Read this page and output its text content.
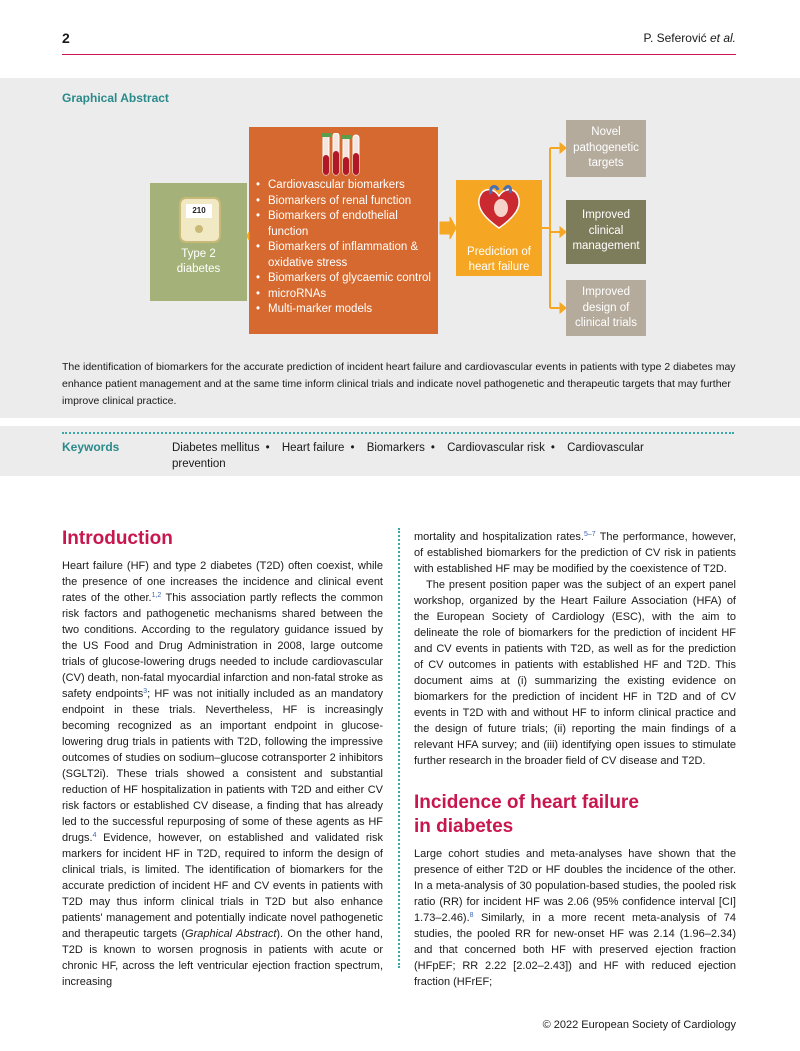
2	P. Seferović et al.
Graphical Abstract
210
Type 2
diabetes
• Cardiovascular biomarkers
• Biomarkers of renal function
• Biomarkers of endothelial function
• Biomarkers of inflammation & oxidative stress
• Biomarkers of glycaemic control
• microRNAs
• Multi-marker models
Prediction of
heart failure
Novel
pathogenetic
targets
Improved
clinical
management
Improved
design of
clinical trials
The identification of biomarkers for the accurate prediction of incident heart failure and cardiovascular events in patients with type 2 diabetes may enhance patient management and at the same time inform clinical trials and indicate novel pathogenetic and therapeutic targets that may further improve clinical practice.
Keywords	Diabetes mellitus • Heart failure • Biomarkers • Cardiovascular risk • Cardiovascular prevention
Introduction
Heart failure (HF) and type 2 diabetes (T2D) often coexist, while the presence of one increases the incidence and clinical event rates of the other.$^{1,2}$ This association partly reflects the common risk factors and pathogenetic mechanisms shared between the two conditions. According to the regulatory guidance issued by the US Food and Drug Administration in 2008, large outcome trials of glucose-lowering drugs needed to include cardiovascular (CV) death, non-fatal myocardial infarction and non-fatal stroke as safety endpoints$^3$; HF was not initially included as an mandatory endpoint in these trials. Nevertheless, HF is increasingly becoming recognized as an important endpoint in glucose-lowering drug trials in patients with T2D, following the impressive outcomes of studies on sodium–glucose cotransporter 2 inhibitors (SGLT2i). These trials showed a consistent and substantial reduction of HF hospitalization in patients with T2D and either CV risk factors or established CV disease, a finding that has already led to the successful repurposing of some of these agents as HF drugs.$^4$ Evidence, however, on established and validated risk markers for incident HF in T2D, required to inform the design of clinical trials, is limited. The identification of biomarkers for the accurate prediction of incident HF and CV events in patients with T2D may thus inform clinical trials in T2D but also enhance patients' management and potentially indicate novel pathogenetic and therapeutic targets (Graphical Abstract). On the other hand, T2D is known to worsen prognosis in patients with acute or chronic HF, across the left ventricular ejection fraction spectrum, increasing
mortality and hospitalization rates.$^{5-7}$ The performance, however, of established biomarkers for the prediction of CV risk in patients with established HF may be modified by the coexistence of T2D.
The present position paper was the subject of an expert panel workshop, organized by the Heart Failure Association (HFA) of the European Society of Cardiology (ESC), with the aim to delineate the role of biomarkers for the prediction of incident HF and CV events in patients with T2D, as well as for the prediction of CV outcomes in patients with established HF and T2D. This document aims at (i) summarizing the existing evidence on biomarkers for the prediction of incident HF in T2D and of CV events in T2D with and without HF to inform clinical practice and the design of future trials; (ii) reporting the main findings of a relevant HFA survey; and (iii) identifying open issues to stimulate further research in the broader field of CV disease and T2D.
Incidence of heart failure
in diabetes
Large cohort studies and meta-analyses have shown that the presence of either T2D or HF doubles the incidence of the other. In a meta-analysis of 30 population-based studies, the pooled risk ratio (RR) for incident HF was 2.06 (95% confidence interval [CI] 1.73–2.46).$^8$ Similarly, in a more recent meta-analysis of 74 studies, the pooled RR for new-onset HF was 2.14 (1.96–2.34) and that concerned both HF with preserved ejection fraction (HFpEF; RR 2.22 [2.02–2.43]) and HF with reduced ejection fraction (HFrEF;
© 2022 European Society of Cardiology
